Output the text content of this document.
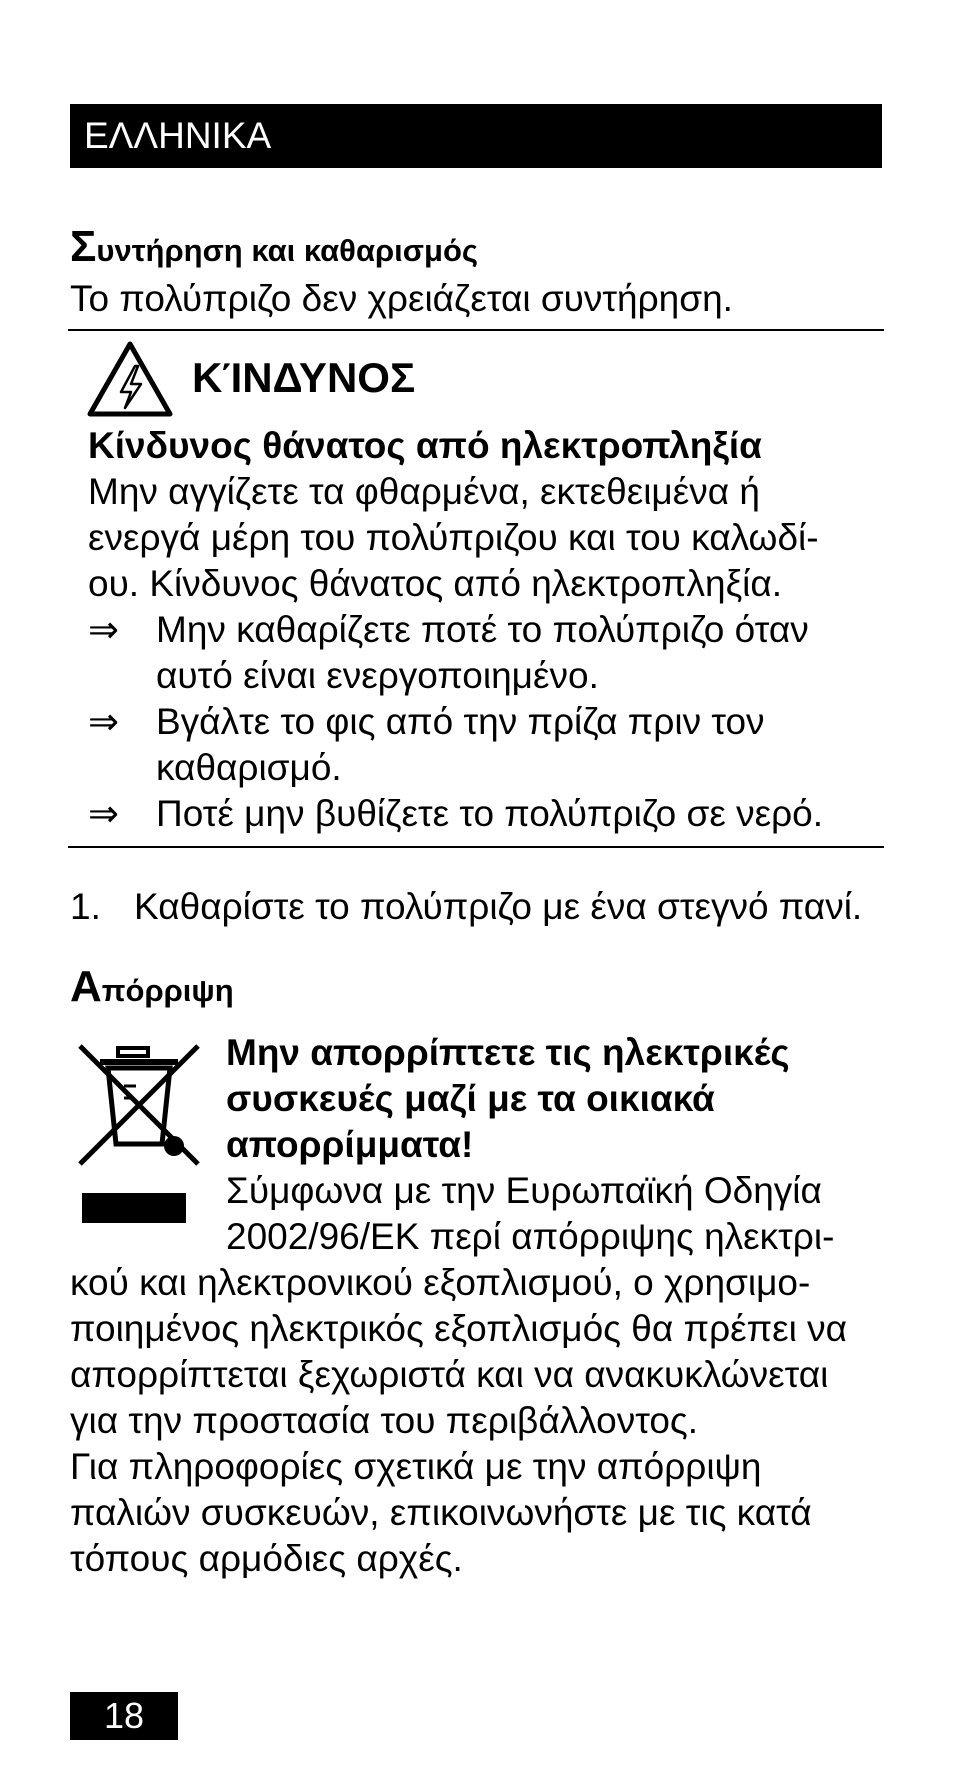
ΕΛΛΗΝΙΚΑ
Συντήρηση και καθαρισμός
Το πολύπριζο δεν χρειάζεται συντήρηση.
ΚΊΝΔΥΝΟΣ
Κίνδυνος θάνατος από ηλεκτροπληξία
Μην αγγίζετε τα φθαρμένα, εκτεθειμένα ή
ενεργά μέρη του πολύπριζου και του καλωδί-
ου. Κίνδυνος θάνατος από ηλεκτροπληξία.
⇒ Μην καθαρίζετε ποτέ το πολύπριζο όταν
αυτό είναι ενεργοποιημένο.
⇒ Βγάλτε το φις από την πρίζα πριν τον
καθαρισμό.
⇒ Ποτέ μην βυθίζετε το πολύπριζο σε νερό.
1. Καθαρίστε το πολύπριζο με ένα στεγνό πανί.
Απόρριψη
Μην απορρίπτετε τις ηλεκτρικές
συσκευές μαζί με τα οικιακά
απορρίμματα!
Σύμφωνα με την Ευρωπαϊκή Οδηγία
2002/96/ΕΚ περί απόρριψης ηλεκτρι-
κού και ηλεκτρονικού εξοπλισμού, ο χρησιμο-
ποιημένος ηλεκτρικός εξοπλισμός θα πρέπει να
απορρίπτεται ξεχωριστά και να ανακυκλώνεται
για την προστασία του περιβάλλοντος.
Για πληροφορίες σχετικά με την απόρριψη
παλιών συσκευών, επικοινωνήστε με τις κατά
τόπους αρμόδιες αρχές.
18
